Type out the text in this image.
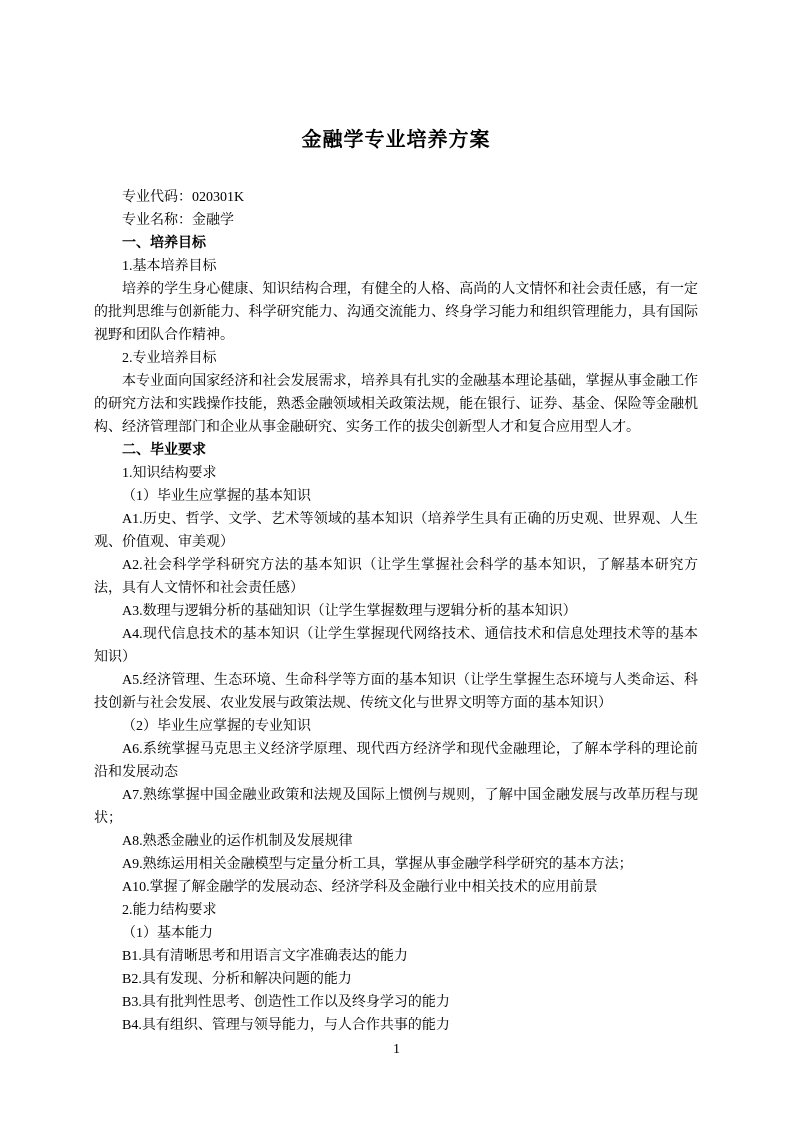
金融学专业培养方案

专业代码：020301K

专业名称：金融学

一、培养目标

1.基本培养目标

培养的学生身心健康、知识结构合理，有健全的人格、高尚的人文情怀和社会责任感，有一定的批判思维与创新能力、科学研究能力、沟通交流能力、终身学习能力和组织管理能力，具有国际视野和团队合作精神。

2.专业培养目标

本专业面向国家经济和社会发展需求，培养具有扎实的金融基本理论基础，掌握从事金融工作的研究方法和实践操作技能，熟悉金融领域相关政策法规，能在银行、证券、基金、保险等金融机构、经济管理部门和企业从事金融研究、实务工作的拔尖创新型人才和复合应用型人才。

二、毕业要求

1.知识结构要求

（1）毕业生应掌握的基本知识

A1.历史、哲学、文学、艺术等领域的基本知识（培养学生具有正确的历史观、世界观、人生观、价值观、审美观）

A2.社会科学学科研究方法的基本知识（让学生掌握社会科学的基本知识，了解基本研究方法，具有人文情怀和社会责任感）

A3.数理与逻辑分析的基础知识（让学生掌握数理与逻辑分析的基本知识）

A4.现代信息技术的基本知识（让学生掌握现代网络技术、通信技术和信息处理技术等的基本知识）

A5.经济管理、生态环境、生命科学等方面的基本知识（让学生掌握生态环境与人类命运、科技创新与社会发展、农业发展与政策法规、传统文化与世界文明等方面的基本知识）

（2）毕业生应掌握的专业知识

A6.系统掌握马克思主义经济学原理、现代西方经济学和现代金融理论，了解本学科的理论前沿和发展动态

A7.熟练掌握中国金融业政策和法规及国际上惯例与规则，了解中国金融发展与改革历程与现状；

A8.熟悉金融业的运作机制及发展规律

A9.熟练运用相关金融模型与定量分析工具，掌握从事金融学科学研究的基本方法；

A10.掌握了解金融学的发展动态、经济学科及金融行业中相关技术的应用前景

2.能力结构要求

（1）基本能力

B1.具有清晰思考和用语言文字准确表达的能力

B2.具有发现、分析和解决问题的能力

B3.具有批判性思考、创造性工作以及终身学习的能力

B4.具有组织、管理与领导能力，与人合作共事的能力

1
